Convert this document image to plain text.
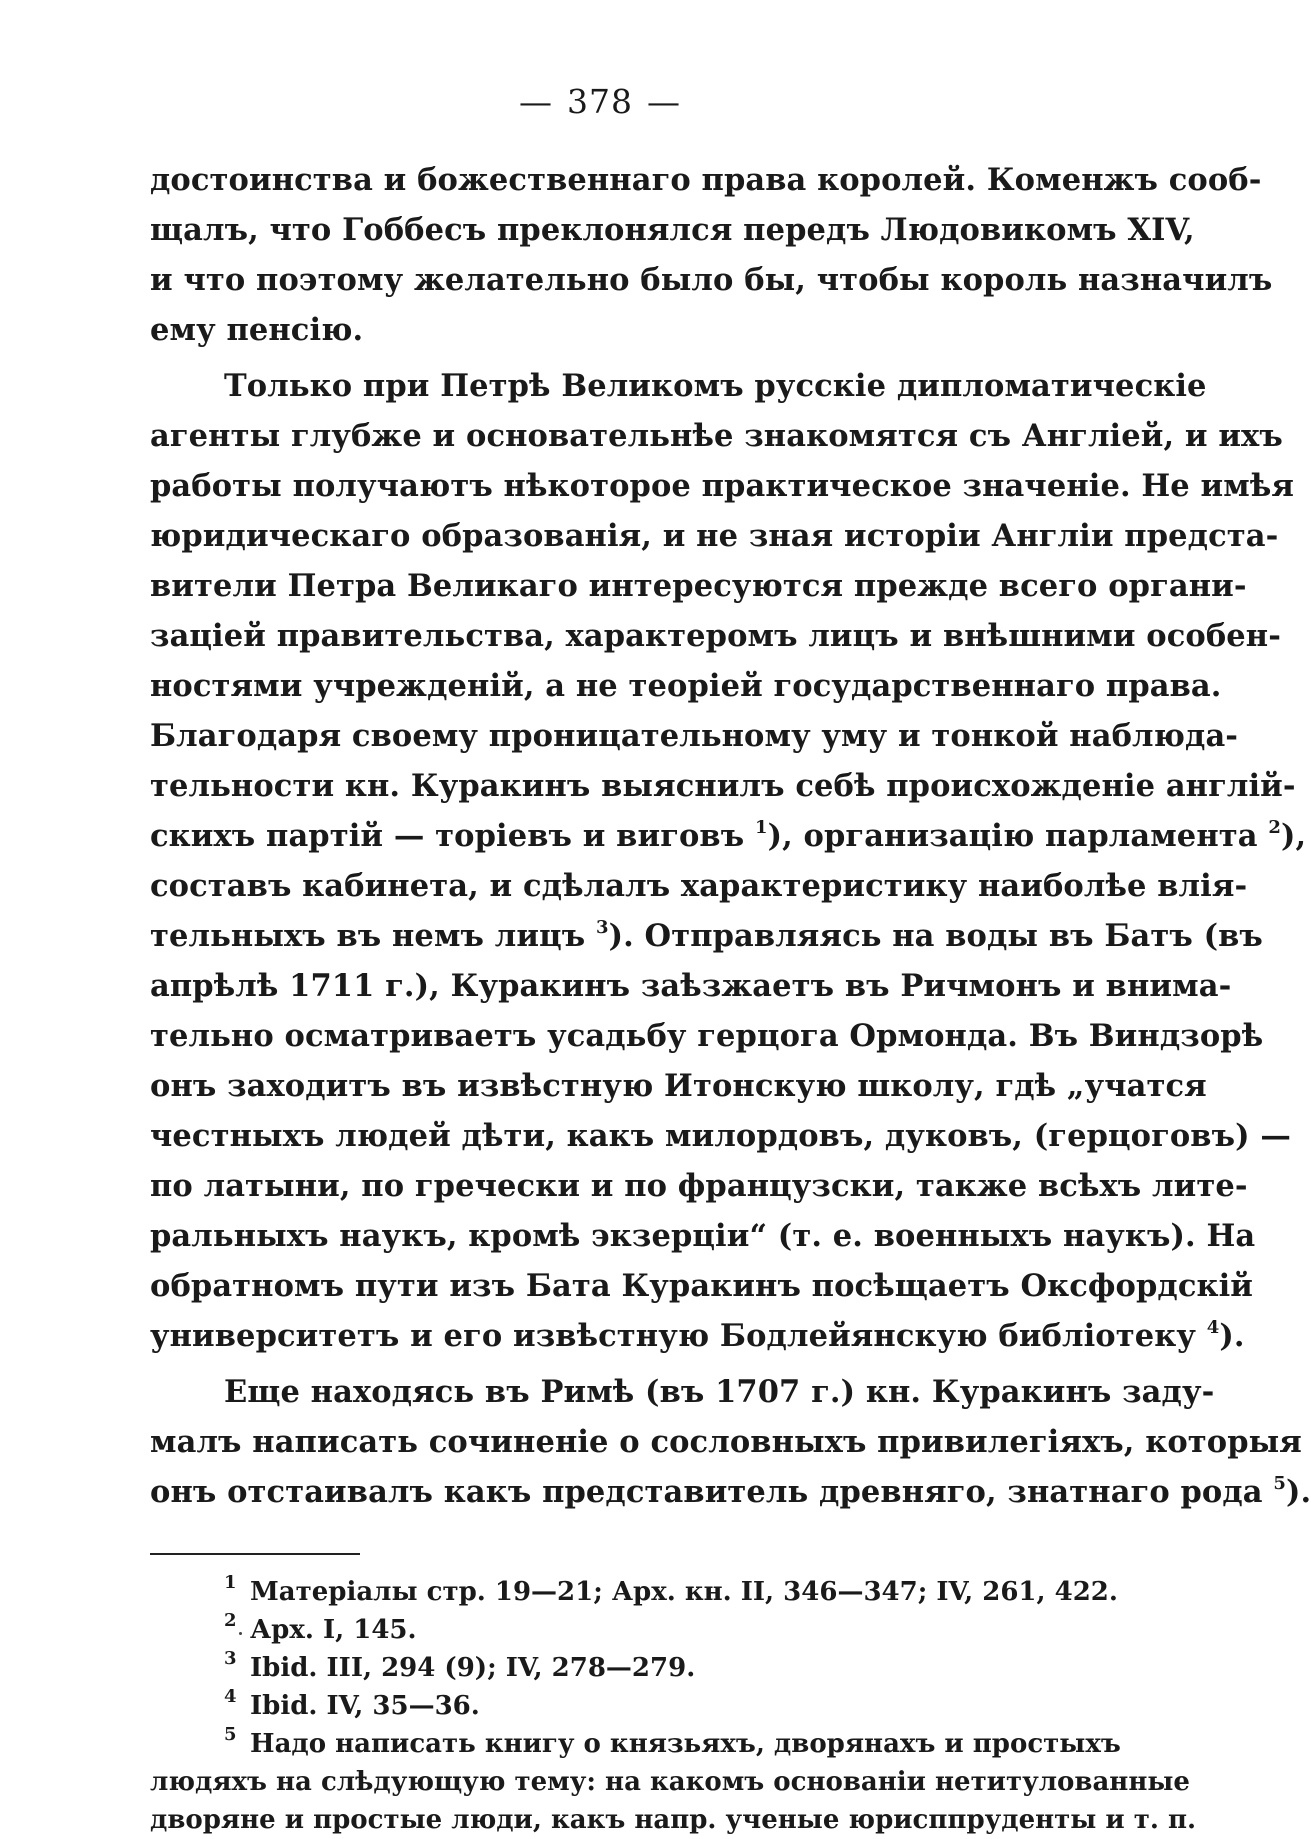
— 378 —
достоинства и божественнаго права королей. Коменжъ сооб-
щалъ, что Гоббесъ преклонялся передъ Людовикомъ XIV,
и что поэтому желательно было бы, чтобы король назначилъ
ему пенсію.
Только при Петрѣ Великомъ русскіе дипломатическіе
агенты глубже и основательнѣе знакомятся съ Англіей, и ихъ
работы получаютъ нѣкоторое практическое значеніе. Не имѣя
юридическаго образованія, и не зная исторіи Англіи предста-
вители Петра Великаго интересуются прежде всего органи-
заціей правительства, характеромъ лицъ и внѣшними особен-
ностями учрежденій, а не теоріей государственнаго права.
Благодаря своему проницательному уму и тонкой наблюда-
тельности кн. Куракинъ выяснилъ себѣ происхожденіе англій-
скихъ партій — торіевъ и виговъ $^1$), организацію парламента $^2$),
составъ кабинета, и сдѣлалъ характеристику наиболѣе влія-
тельныхъ въ немъ лицъ $^3$). Отправляясь на воды въ Батъ (въ
апрѣлѣ 1711 г.), Куракинъ заѣзжаетъ въ Ричмонъ и внима-
тельно осматриваетъ усадьбу герцога Ормонда. Въ Виндзорѣ
онъ заходитъ въ извѣстную Итонскую школу, гдѣ „учатся
честныхъ людей дѣти, какъ милордовъ, дуковъ, (герцоговъ) —
по латыни, по гречески и по французски, также всѣхъ лите-
ральныхъ наукъ, кромѣ экзерціи“ (т. е. военныхъ наукъ). На
обратномъ пути изъ Бата Куракинъ посѣщаетъ Оксфордскій
университетъ и его извѣстную Бодлейянскую библіотеку $^4$).
Еще находясь въ Римѣ (въ 1707 г.) кн. Куракинъ заду-
малъ написать сочиненіе о сословныхъ привилегіяхъ, которыя
онъ отстаивалъ какъ представитель древняго, знатнаго рода $^5$).
$^1$ Матеріалы стр. 19—21; Арх. кн. II, 346—347; IV, 261, 422.
$^2$ Арх. I, 145.
$^3$ Ibid. III, 294 (9); IV, 278—279.
$^4$ Ibid. IV, 35—36.
$^5$ Надо написать книгу о князьяхъ, дворянахъ и простыхъ
людяхъ на слѣдующую тему: на какомъ основаніи нетитулованные
дворяне и простые люди, какъ напр. ученые юрисппруденты и т. п.
